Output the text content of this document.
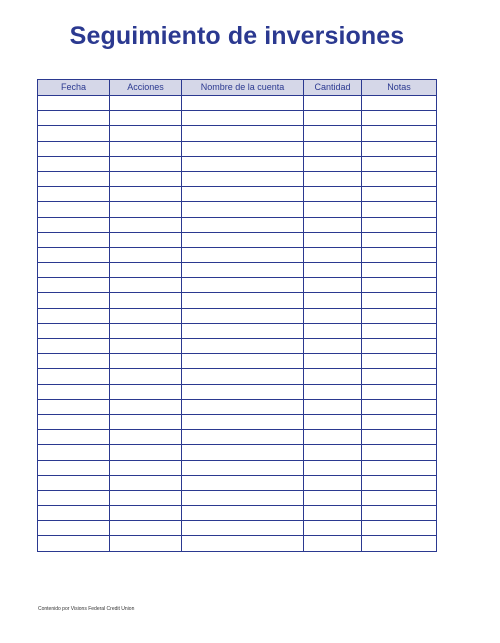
Seguimiento de inversiones
Fecha	Acciones	Nombre de la cuenta	Cantidad	Notas

Contenido por Visions Federal Credit Union
